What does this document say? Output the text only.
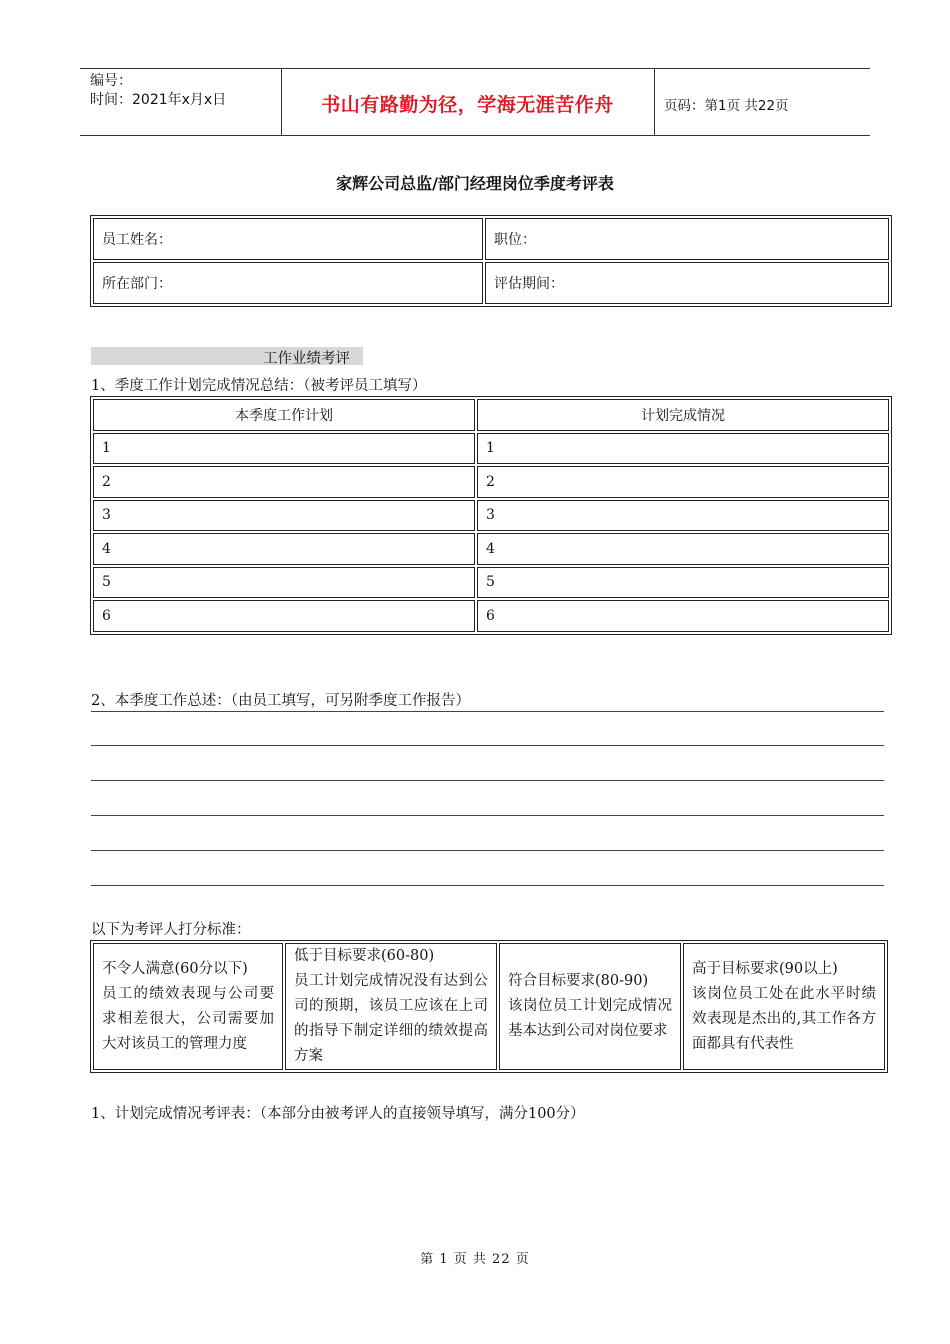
编号：
时间：2021年x月x日	书山有路勤为径，学海无涯苦作舟	页码：第1页 共22页
家辉公司总监/部门经理岗位季度考评表
员工姓名：	职位：
所在部门：	评估期间：
工作业绩考评
1、季度工作计划完成情况总结：（被考评员工填写）
本季度工作计划	计划完成情况
1	1
2	2
3	3
4	4
5	5
6	6
2、本季度工作总述：（由员工填写，可另附季度工作报告）
以下为考评人打分标准：
不令人满意(60分以下)
员工的绩效表现与公司要求相差很大，公司需要加大对该员工的管理力度

低于目标要求(60-80)
员工计划完成情况没有达到公司的预期，该员工应该在上司的指导下制定详细的绩效提高方案

符合目标要求(80-90)
该岗位员工计划完成情况基本达到公司对岗位要求

高于目标要求(90以上)
该岗位员工处在此水平时绩效表现是杰出的,其工作各方面都具有代表性
1、计划完成情况考评表：（本部分由被考评人的直接领导填写，满分100分）
第 1 页 共 22 页
